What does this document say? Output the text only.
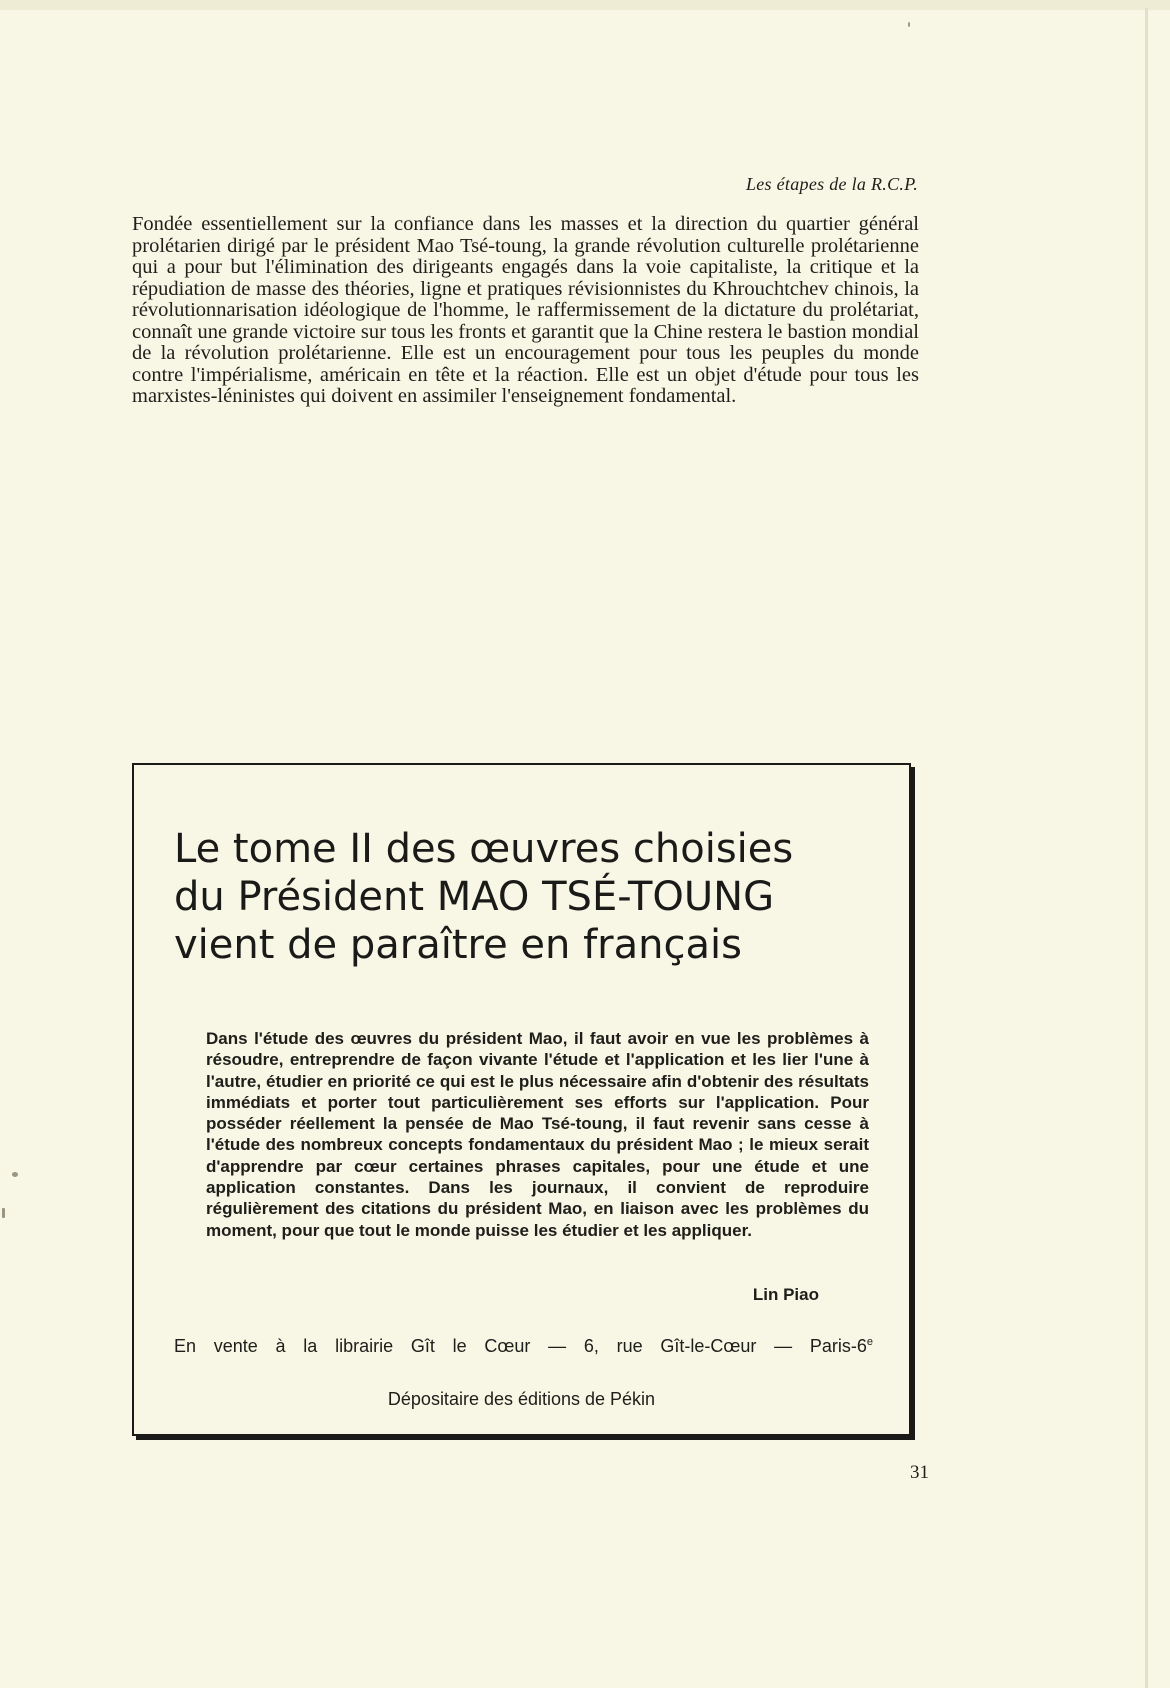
Les étapes de la R.C.P.

Fondée essentiellement sur la confiance dans les masses et la direction du quartier général prolétarien dirigé par le président Mao Tsé-toung, la grande révolution culturelle prolétarienne qui a pour but l'élimination des dirigeants engagés dans la voie capitaliste, la critique et la répudiation de masse des théories, ligne et pratiques révisionnistes du Khrouchtchev chinois, la révolutionnarisation idéologique de l'homme, le raffermissement de la dictature du prolétariat, connaît une grande victoire sur tous les fronts et garantit que la Chine restera le bastion mondial de la révolution prolétarienne. Elle est un encouragement pour tous les peuples du monde contre l'impérialisme, américain en tête et la réaction. Elle est un objet d'étude pour tous les marxistes-léninistes qui doivent en assimiler l'enseignement fondamental.

Le tome II des œuvres choisies
du Président MAO TSÉ-TOUNG
vient de paraître en français

Dans l'étude des œuvres du président Mao, il faut avoir en vue les problèmes à résoudre, entreprendre de façon vivante l'étude et l'application et les lier l'une à l'autre, étudier en priorité ce qui est le plus nécessaire afin d'obtenir des résultats immédiats et porter tout particulièrement ses efforts sur l'application. Pour posséder réellement la pensée de Mao Tsé-toung, il faut revenir sans cesse à l'étude des nombreux concepts fondamentaux du président Mao ; le mieux serait d'apprendre par cœur certaines phrases capitales, pour une étude et une application constantes. Dans les journaux, il convient de reproduire régulièrement des citations du président Mao, en liaison avec les problèmes du moment, pour que tout le monde puisse les étudier et les appliquer.

Lin Piao
En vente à la librairie Gît le Cœur — 6, rue Gît-le-Cœur — Paris-6e
Dépositaire des éditions de Pékin
31
